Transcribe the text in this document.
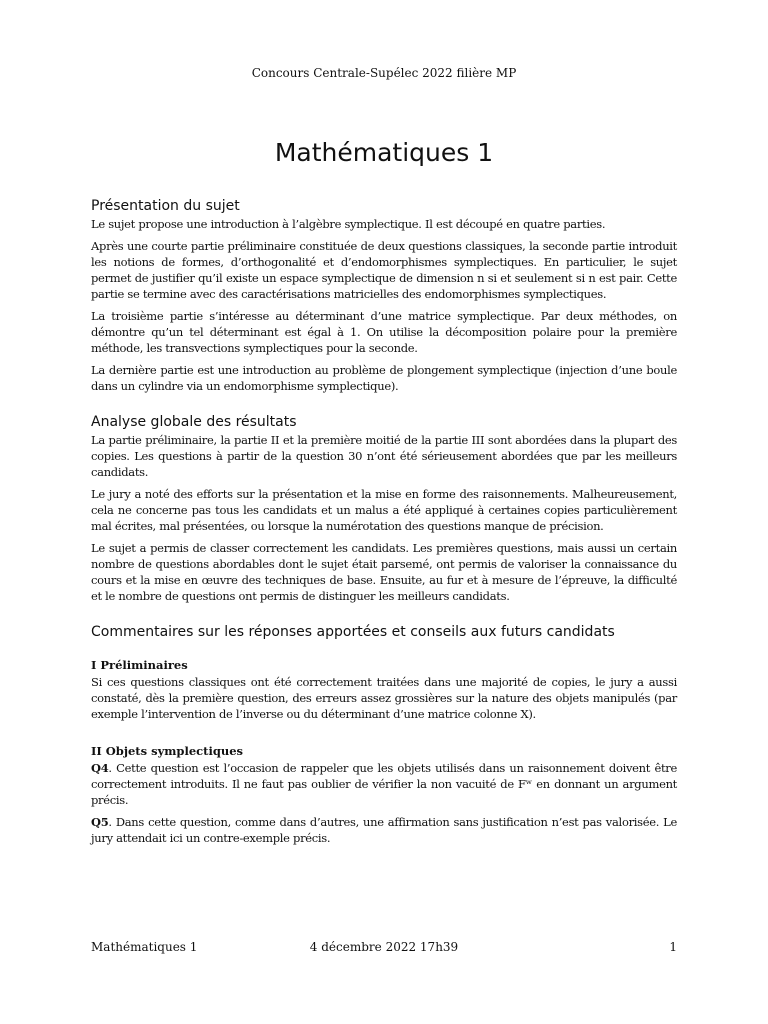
Concours Centrale-Supélec 2022 filière MP
Mathématiques 1
Présentation du sujet

Le sujet propose une introduction à l’algèbre symplectique. Il est découpé en quatre parties.

Après une courte partie préliminaire constituée de deux questions classiques, la seconde partie introduit les notions de formes, d’orthogonalité et d’endomorphismes symplectiques. En particulier, le sujet permet de justifier qu’il existe un espace symplectique de dimension n si et seulement si n est pair. Cette partie se termine avec des caractérisations matricielles des endomorphismes symplectiques.

La troisième partie s’intéresse au déterminant d’une matrice symplectique. Par deux méthodes, on démontre qu’un tel déterminant est égal à 1. On utilise la décomposition polaire pour la première méthode, les transvections symplectiques pour la seconde.

La dernière partie est une introduction au problème de plongement symplectique (injection d’une boule dans un cylindre via un endomorphisme symplectique).

Analyse globale des résultats

La partie préliminaire, la partie II et la première moitié de la partie III sont abordées dans la plupart des copies. Les questions à partir de la question 30 n’ont été sérieusement abordées que par les meilleurs candidats.

Le jury a noté des efforts sur la présentation et la mise en forme des raisonnements. Malheureusement, cela ne concerne pas tous les candidats et un malus a été appliqué à certaines copies particulièrement mal écrites, mal présentées, ou lorsque la numérotation des questions manque de précision.

Le sujet a permis de classer correctement les candidats. Les premières questions, mais aussi un certain nombre de questions abordables dont le sujet était parsemé, ont permis de valoriser la connaissance du cours et la mise en œuvre des techniques de base. Ensuite, au fur et à mesure de l’épreuve, la difficulté et le nombre de questions ont permis de distinguer les meilleurs candidats.

Commentaires sur les réponses apportées et conseils aux futurs candidats
I Préliminaires

Si ces questions classiques ont été correctement traitées dans une majorité de copies, le jury a aussi constaté, dès la première question, des erreurs assez grossières sur la nature des objets manipulés (par exemple l’intervention de l’inverse ou du déterminant d’une matrice colonne X).

II Objets symplectiques

Q4. Cette question est l’occasion de rappeler que les objets utilisés dans un raisonnement doivent être correctement introduits. Il ne faut pas oublier de vérifier la non vacuité de Fʷ en donnant un argument précis.

Q5. Dans cette question, comme dans d’autres, une affirmation sans justification n’est pas valorisée. Le jury attendait ici un contre-exemple précis.

Mathématiques 1	4 décembre 2022 17h39	1
